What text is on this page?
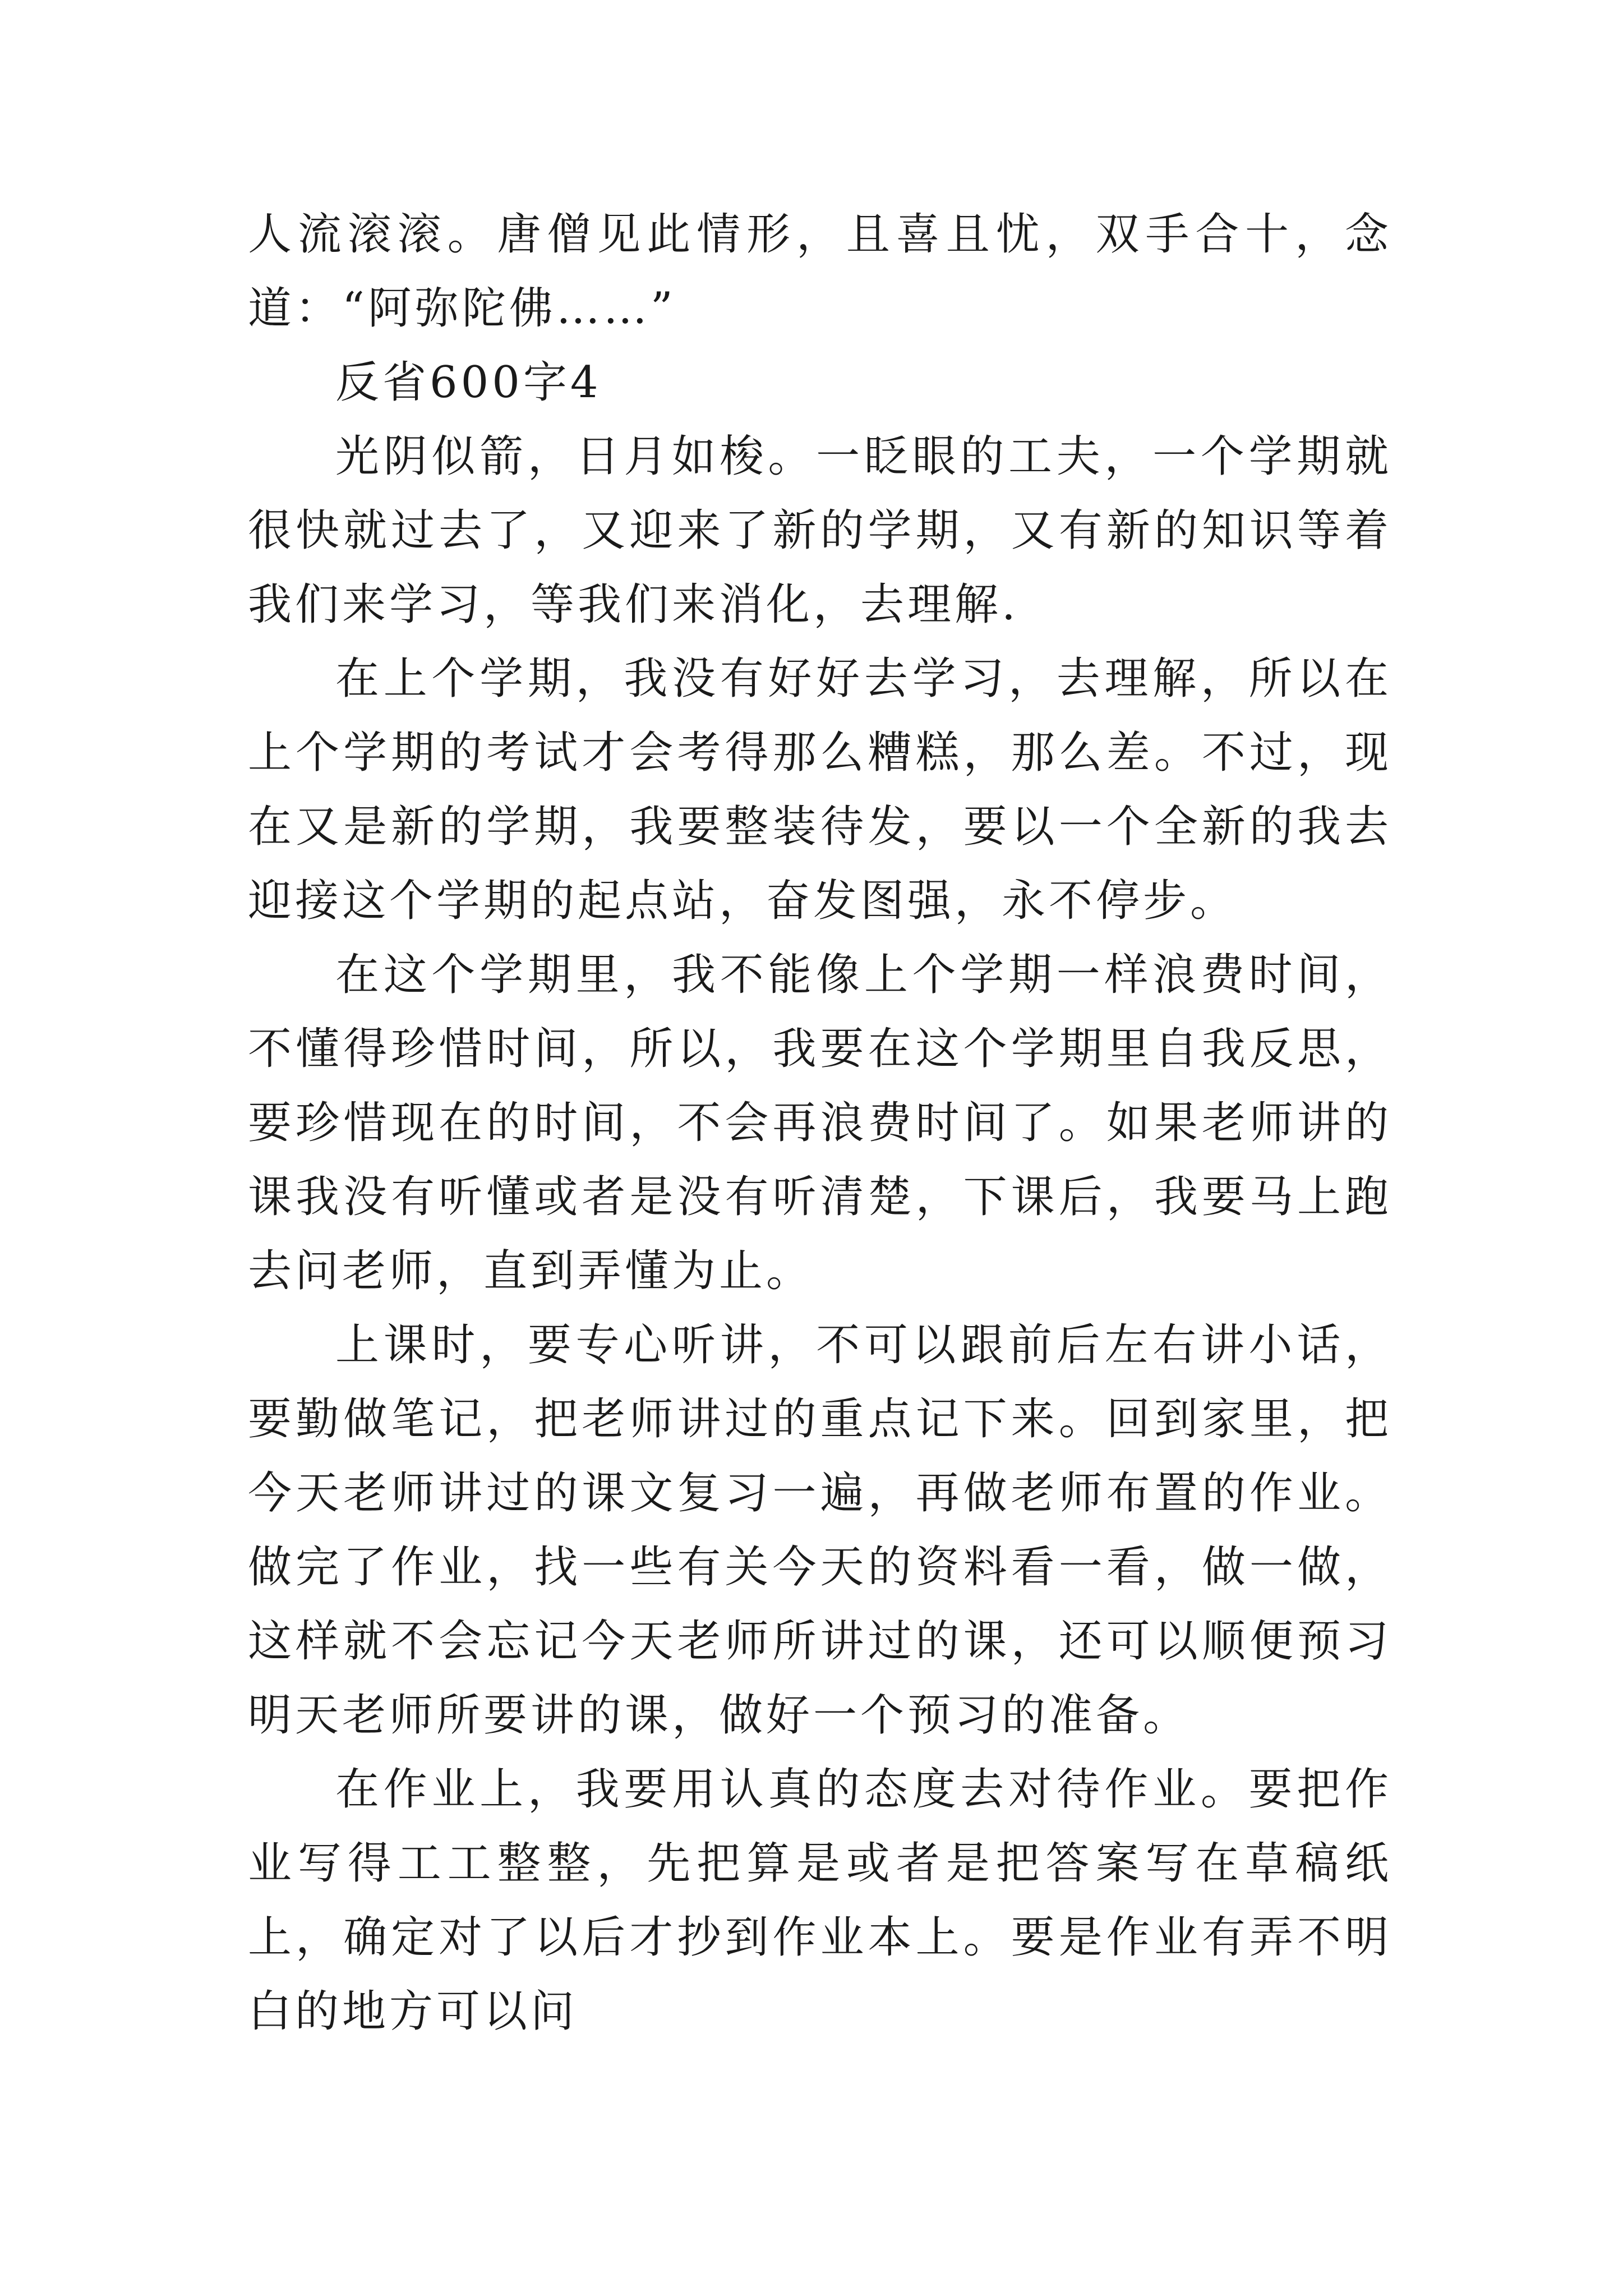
人流滚滚。唐僧见此情形，且喜且忧，双手合十，念道：“阿弥陀佛……”

反省600字4

光阴似箭，日月如梭。一眨眼的工夫，一个学期就很快就过去了，又迎来了新的学期，又有新的知识等着我们来学习，等我们来消化，去理解.

在上个学期，我没有好好去学习，去理解，所以在上个学期的考试才会考得那么糟糕，那么差。不过，现在又是新的学期，我要整装待发，要以一个全新的我去迎接这个学期的起点站，奋发图强，永不停步。

在这个学期里，我不能像上个学期一样浪费时间，不懂得珍惜时间，所以，我要在这个学期里自我反思，要珍惜现在的时间，不会再浪费时间了。如果老师讲的课我没有听懂或者是没有听清楚，下课后，我要马上跑去问老师，直到弄懂为止。

上课时，要专心听讲，不可以跟前后左右讲小话，要勤做笔记，把老师讲过的重点记下来。回到家里，把今天老师讲过的课文复习一遍，再做老师布置的作业。做完了作业，找一些有关今天的资料看一看，做一做，这样就不会忘记今天老师所讲过的课，还可以顺便预习明天老师所要讲的课，做好一个预习的准备。

在作业上，我要用认真的态度去对待作业。要把作业写得工工整整，先把算是或者是把答案写在草稿纸上，确定对了以后才抄到作业本上。要是作业有弄不明白的地方可以问
